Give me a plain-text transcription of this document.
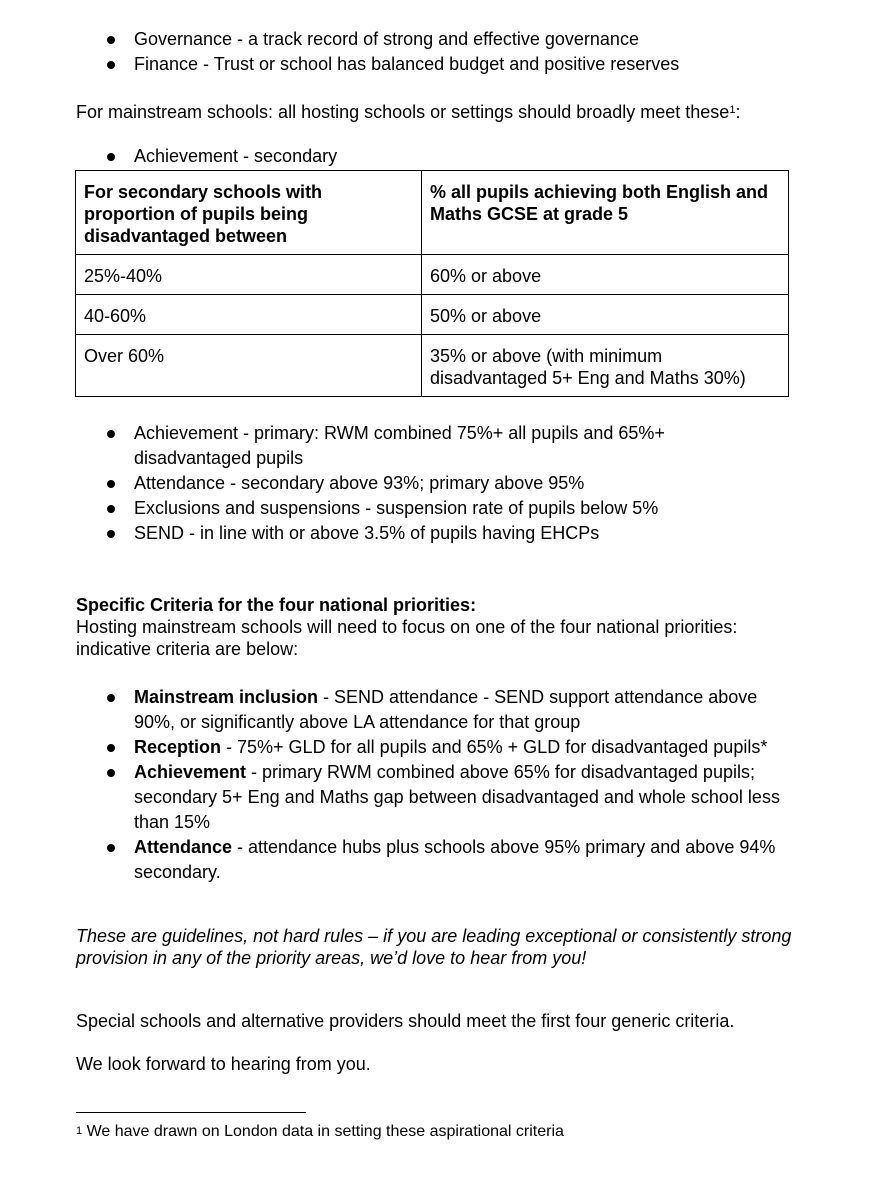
Governance - a track record of strong and effective governance
Finance - Trust or school has balanced budget and positive reserves

For mainstream schools: all hosting schools or settings should broadly meet these$^1$:

Achievement - secondary
For secondary schools with proportion of pupils being disadvantaged between	% all pupils achieving both English and Maths GCSE at grade 5
25%-40%	60% or above
40-60%	50% or above
Over 60%	35% or above (with minimum disadvantaged 5+ Eng and Maths 30%)
Achievement - primary: RWM combined 75%+ all pupils and 65%+ disadvantaged pupils
Attendance - secondary above 93%; primary above 95%
Exclusions and suspensions - suspension rate of pupils below 5%
SEND - in line with or above 3.5% of pupils having EHCPs

Specific Criteria for the four national priorities:

Hosting mainstream schools will need to focus on one of the four national priorities: indicative criteria are below:

Mainstream inclusion - SEND attendance - SEND support attendance above 90%, or significantly above LA attendance for that group
Reception - 75%+ GLD for all pupils and 65% + GLD for disadvantaged pupils*
Achievement - primary RWM combined above 65% for disadvantaged pupils; secondary 5+ Eng and Maths gap between disadvantaged and whole school less than 15%
Attendance - attendance hubs plus schools above 95% primary and above 94% secondary.

These are guidelines, not hard rules – if you are leading exceptional or consistently strong provision in any of the priority areas, we’d love to hear from you!

Special schools and alternative providers should meet the first four generic criteria.

We look forward to hearing from you.

$^1$ We have drawn on London data in setting these aspirational criteria
